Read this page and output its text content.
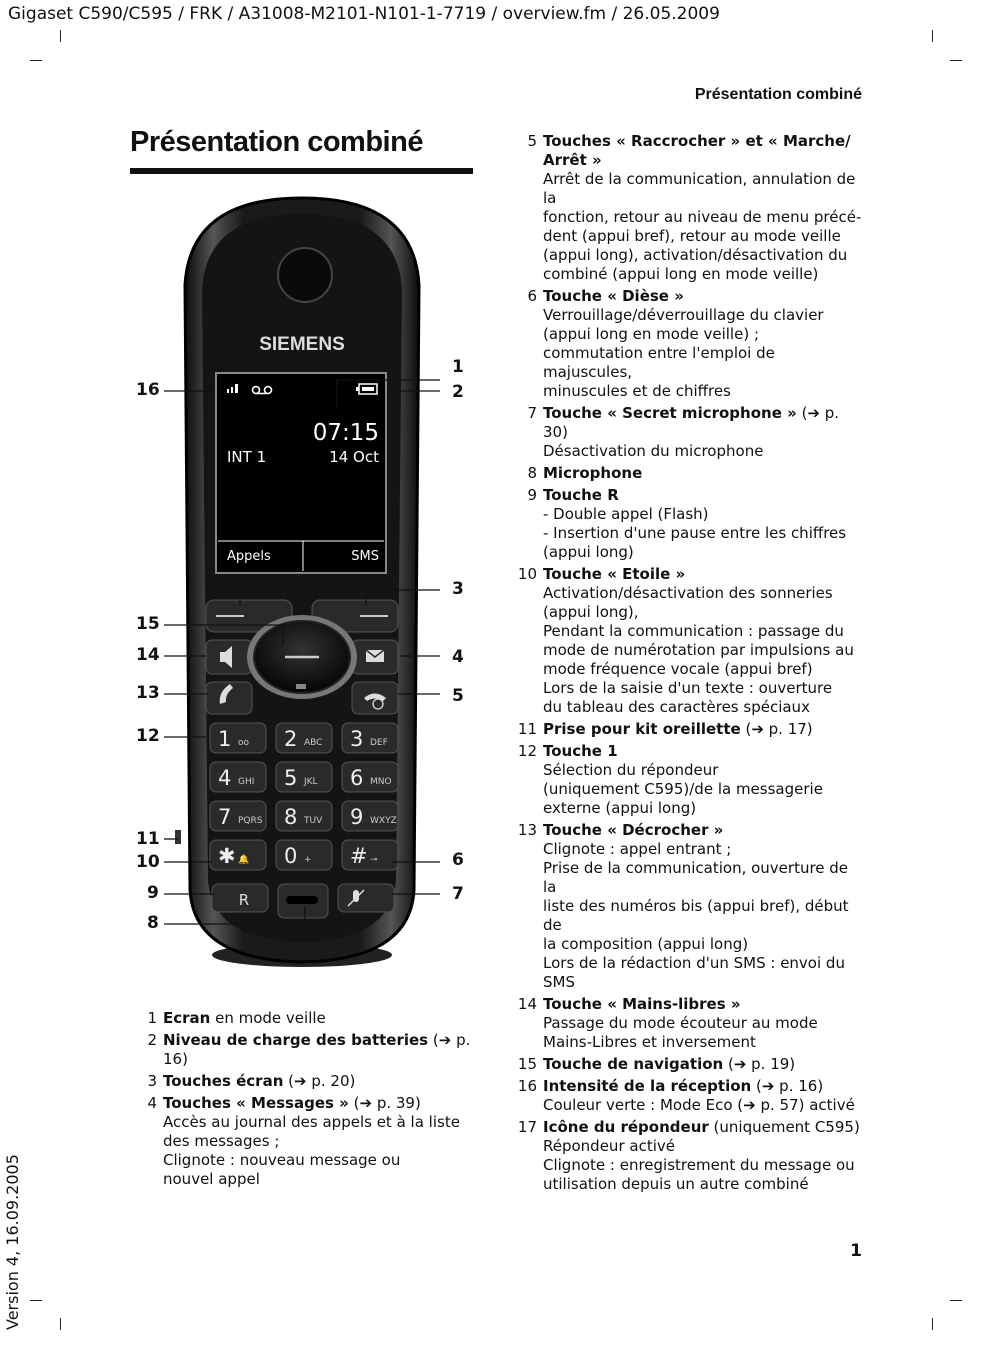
Gigaset C590/C595 / FRK / A31008-M2101-N101-1-7719 / overview.fm / 26.05.2009
Présentation combiné
Présentation combiné
SIEMENS
07:15
INT 1	14 Oct
Appels	SMS
1 oo 2 ABC 3 DEF
4 GHI 5 JKL 6 MNO
7 PQRS 8 TUV 9 WXYZ
✱ 🔔 0 + # ⊸
R
1
2
3
4
5
6
7
8
9
10
11
12
13
14
15
16
1 Ecran en mode veille
2 Niveau de charge des batteries (➔ p. 16)
3 Touches écran (➔ p. 20)
4 Touches « Messages » (➔ p. 39)
Accès au journal des appels et à la liste
des messages ;
Clignote : nouveau message ou
nouvel appel
5 Touches « Raccrocher » et « Marche/ Arrêt »
Arrêt de la communication, annulation de la
fonction, retour au niveau de menu précé-
dent (appui bref), retour au mode veille
(appui long), activation/désactivation du
combiné (appui long en mode veille)
6 Touche « Dièse »
Verrouillage/déverrouillage du clavier
(appui long en mode veille) ;
commutation entre l'emploi de majuscules,
minuscules et de chiffres
7 Touche « Secret microphone » (➔ p. 30)
Désactivation du microphone
8 Microphone
9 Touche R
- Double appel (Flash)
- Insertion d'une pause entre les chiffres
(appui long)
10 Touche « Etoile »
Activation/désactivation des sonneries
(appui long),
Pendant la communication : passage du
mode de numérotation par impulsions au
mode fréquence vocale (appui bref)
Lors de la saisie d'un texte : ouverture
du tableau des caractères spéciaux
11 Prise pour kit oreillette (➔ p. 17)
12 Touche 1
Sélection du répondeur
(uniquement C595)/de la messagerie
externe (appui long)
13 Touche « Décrocher »
Clignote : appel entrant ;
Prise de la communication, ouverture de la
liste des numéros bis (appui bref), début de
la composition (appui long)
Lors de la rédaction d'un SMS : envoi du SMS
14 Touche « Mains-libres »
Passage du mode écouteur au mode
Mains-Libres et inversement
15 Touche de navigation (➔ p. 19)
16 Intensité de la réception (➔ p. 16)
Couleur verte : Mode Eco (➔ p. 57) activé
17 Icône du répondeur (uniquement C595)
Répondeur activé
Clignote : enregistrement du message ou
utilisation depuis un autre combiné
Version 4, 16.09.2005	1
